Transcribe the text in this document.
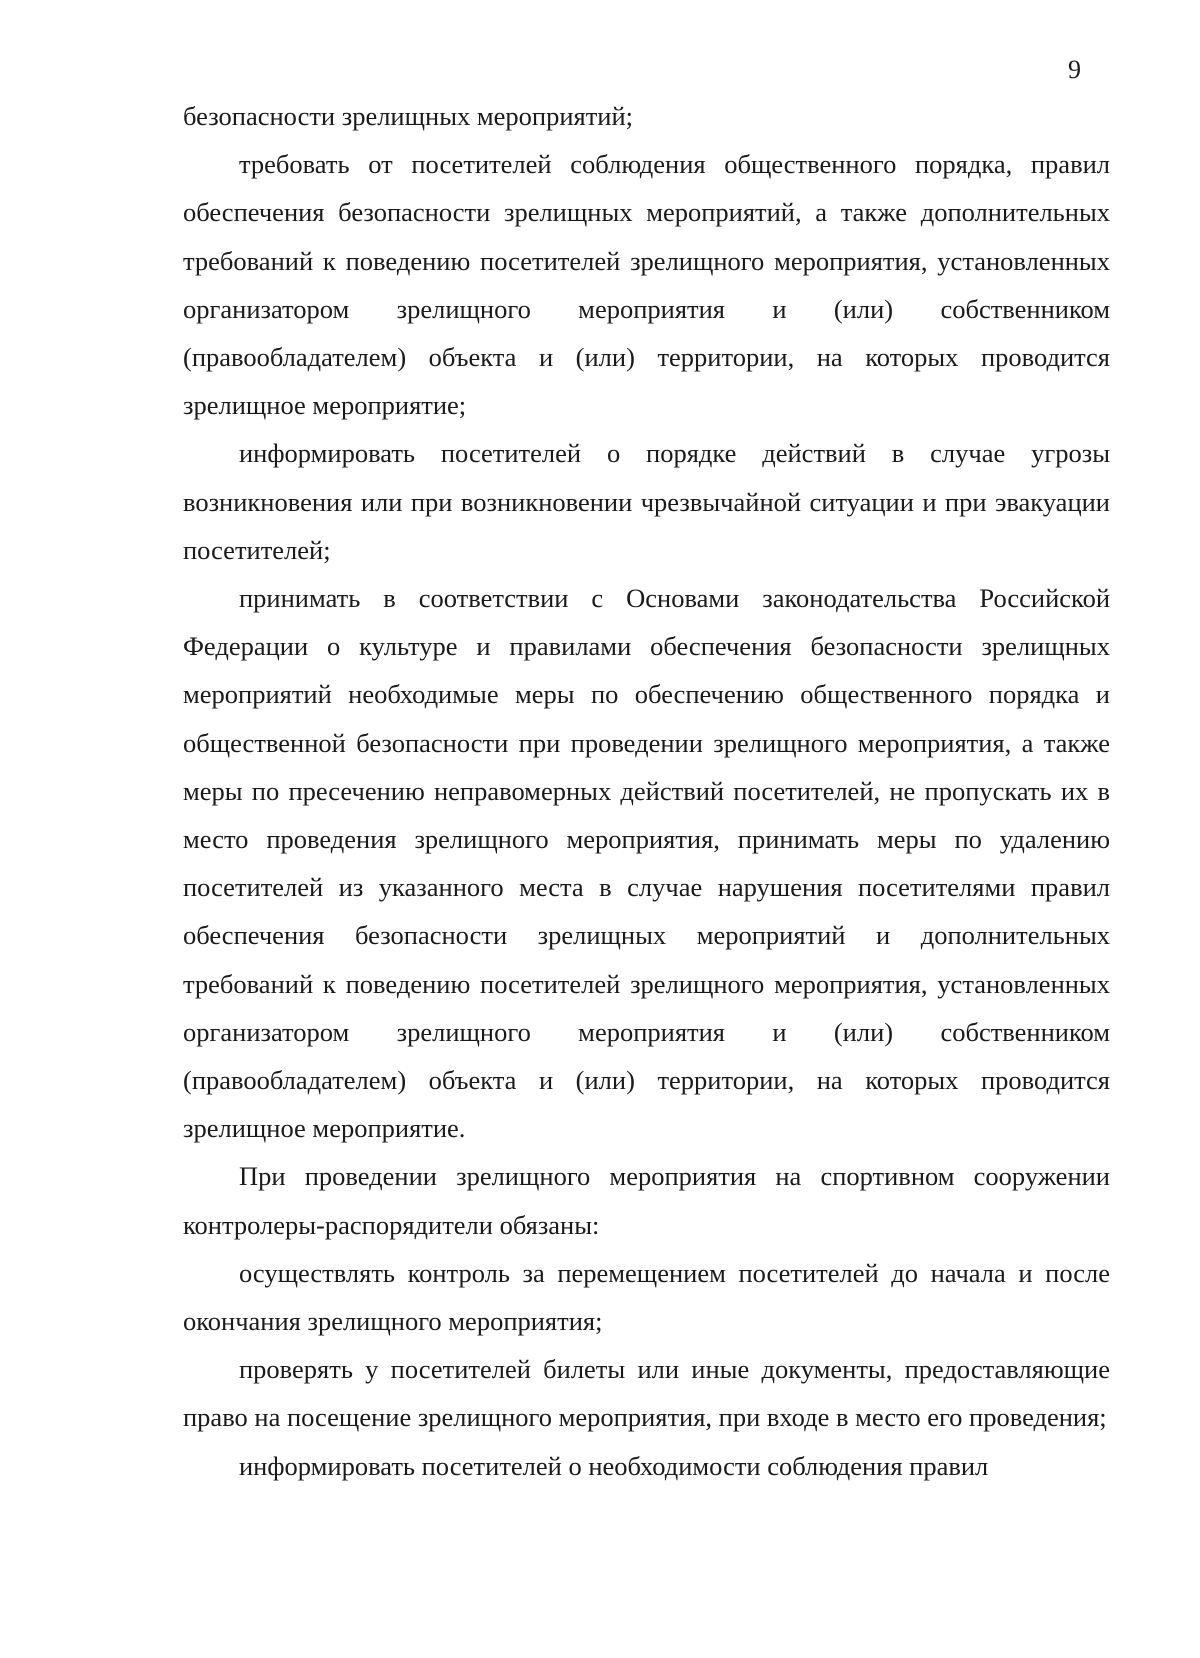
9

безопасности зрелищных мероприятий;

требовать от посетителей соблюдения общественного порядка, правил обеспечения безопасности зрелищных мероприятий, а также дополнительных требований к поведению посетителей зрелищного мероприятия, установленных организатором зрелищного мероприятия и (или) собственником (правообладателем) объекта и (или) территории, на которых проводится зрелищное мероприятие;

информировать посетителей о порядке действий в случае угрозы возникновения или при возникновении чрезвычайной ситуации и при эвакуации посетителей;

принимать в соответствии с Основами законодательства Российской Федерации о культуре и правилами обеспечения безопасности зрелищных мероприятий необходимые меры по обеспечению общественного порядка и общественной безопасности при проведении зрелищного мероприятия, а также меры по пресечению неправомерных действий посетителей, не пропускать их в место проведения зрелищного мероприятия, принимать меры по удалению посетителей из указанного места в случае нарушения посетителями правил обеспечения безопасности зрелищных мероприятий и дополнительных требований к поведению посетителей зрелищного мероприятия, установленных организатором зрелищного мероприятия и (или) собственником (правообладателем) объекта и (или) территории, на которых проводится зрелищное мероприятие.

При проведении зрелищного мероприятия на спортивном сооружении контролеры-распорядители обязаны:

осуществлять контроль за перемещением посетителей до начала и после окончания зрелищного мероприятия;

проверять у посетителей билеты или иные документы, предоставляющие право на посещение зрелищного мероприятия, при входе в место его проведения;

информировать посетителей о необходимости соблюдения правил
